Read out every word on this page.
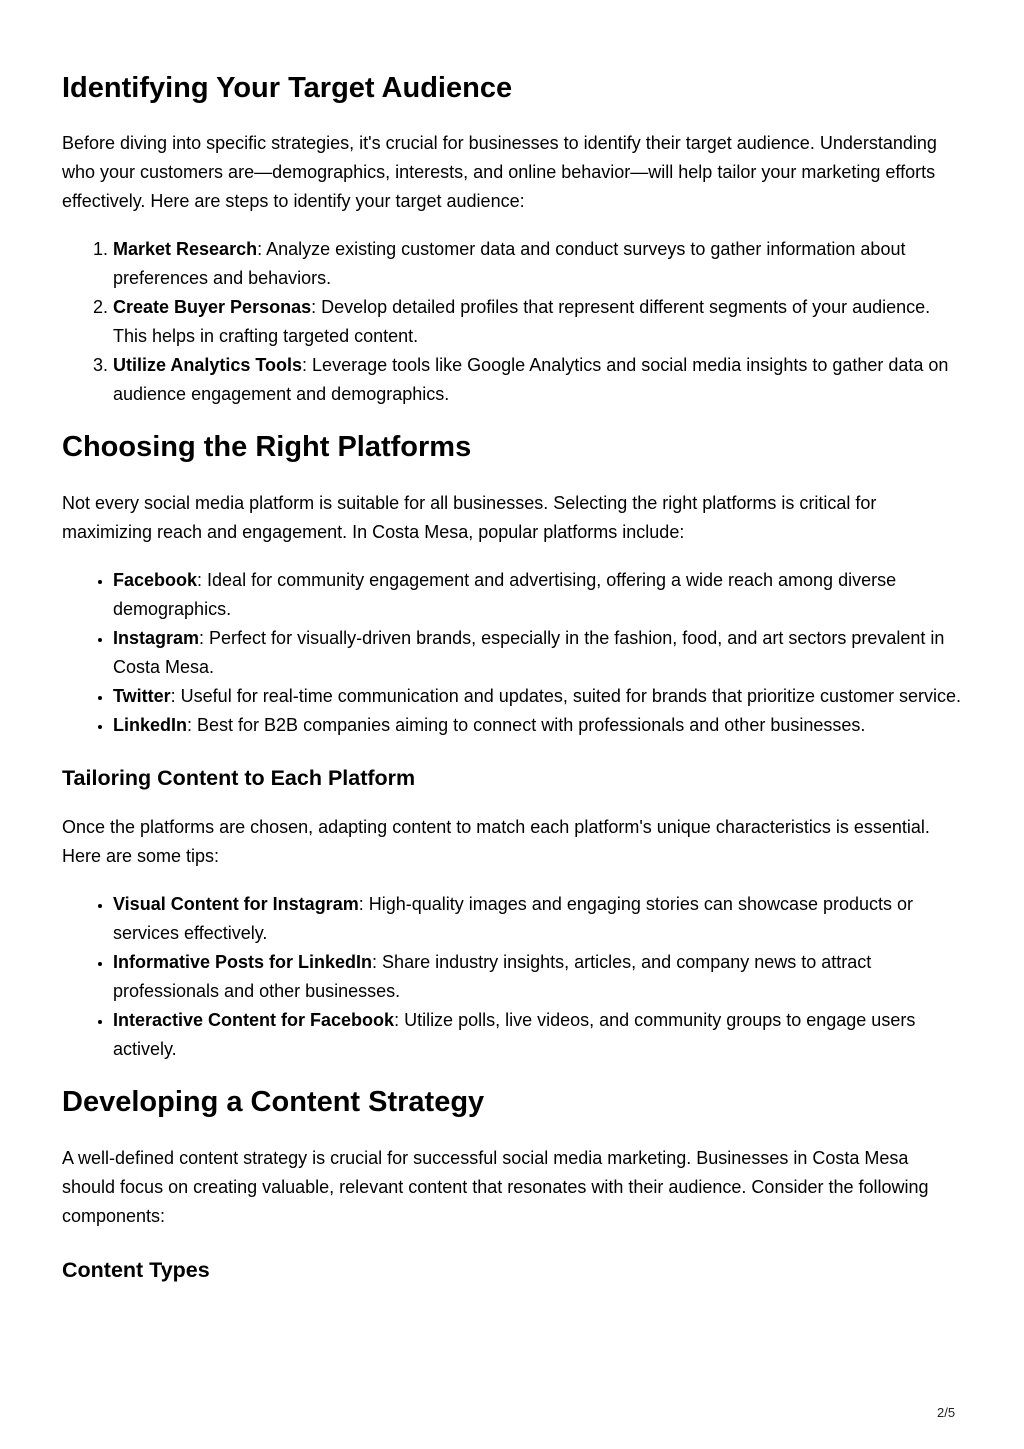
Identifying Your Target Audience

Before diving into specific strategies, it's crucial for businesses to identify their target audience. Understanding who your customers are—demographics, interests, and online behavior—will help tailor your marketing efforts effectively. Here are steps to identify your target audience:

1. Market Research: Analyze existing customer data and conduct surveys to gather information about preferences and behaviors.
2. Create Buyer Personas: Develop detailed profiles that represent different segments of your audience. This helps in crafting targeted content.
3. Utilize Analytics Tools: Leverage tools like Google Analytics and social media insights to gather data on audience engagement and demographics.
Choosing the Right Platforms

Not every social media platform is suitable for all businesses. Selecting the right platforms is critical for maximizing reach and engagement. In Costa Mesa, popular platforms include:

• Facebook: Ideal for community engagement and advertising, offering a wide reach among diverse demographics.
• Instagram: Perfect for visually-driven brands, especially in the fashion, food, and art sectors prevalent in Costa Mesa.
• Twitter: Useful for real-time communication and updates, suited for brands that prioritize customer service.
• LinkedIn: Best for B2B companies aiming to connect with professionals and other businesses.
Tailoring Content to Each Platform

Once the platforms are chosen, adapting content to match each platform's unique characteristics is essential. Here are some tips:

• Visual Content for Instagram: High-quality images and engaging stories can showcase products or services effectively.
• Informative Posts for LinkedIn: Share industry insights, articles, and company news to attract professionals and other businesses.
• Interactive Content for Facebook: Utilize polls, live videos, and community groups to engage users actively.
Developing a Content Strategy

A well-defined content strategy is crucial for successful social media marketing. Businesses in Costa Mesa should focus on creating valuable, relevant content that resonates with their audience. Consider the following components:

Content Types
2/5
